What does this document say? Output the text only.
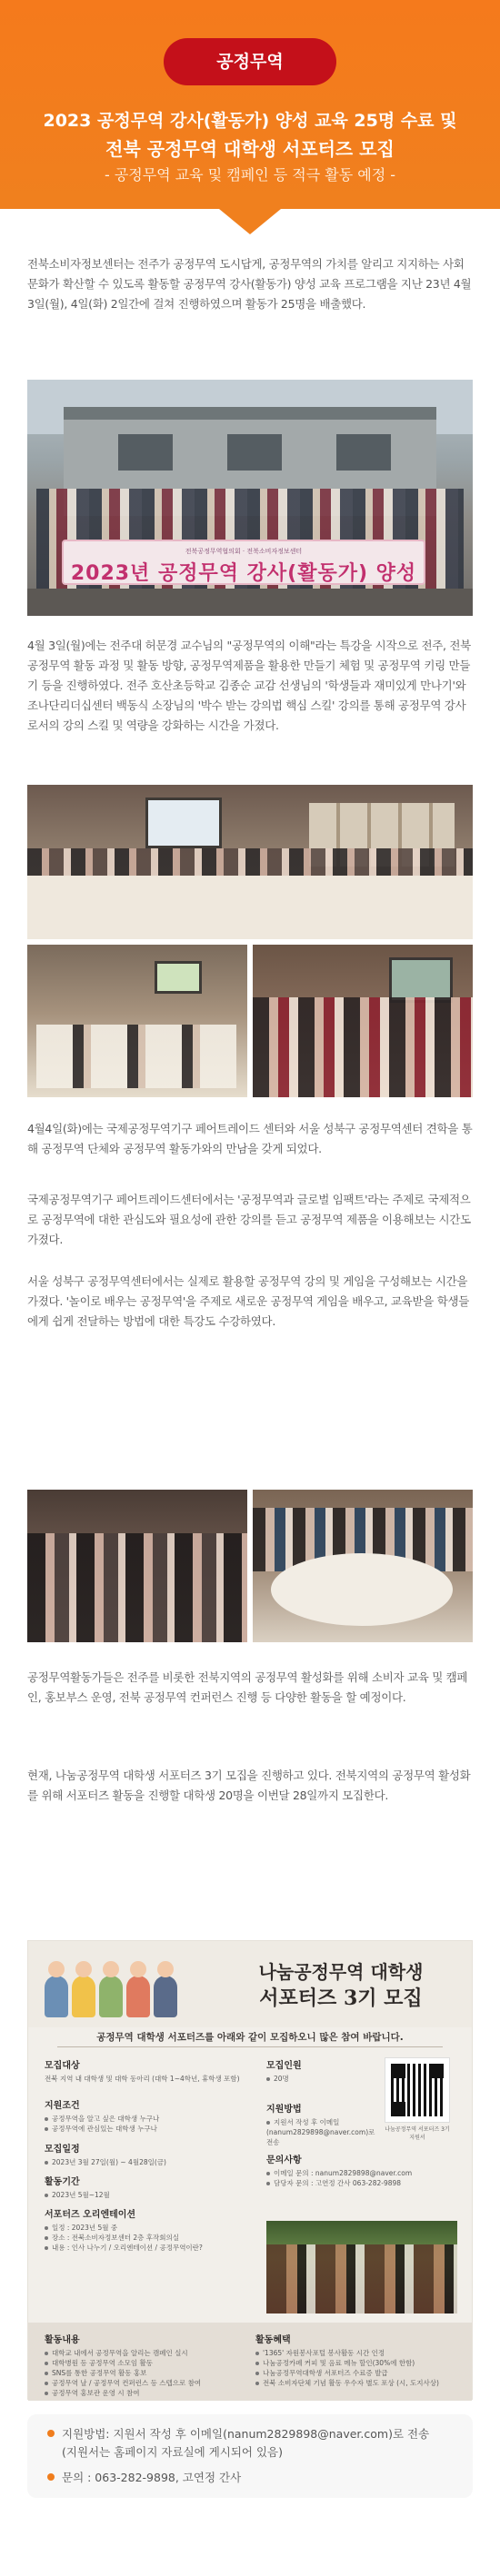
공정무역
2023 공정무역 강사(활동가) 양성 교육 25명 수료 및
전북 공정무역 대학생 서포터즈 모집
- 공정무역 교육 및 캠페인 등 적극 활동 예정 -

전북소비자정보센터는 전주가 공정무역 도시답게, 공정무역의 가치를 알리고 지지하는 사회문화가 확산할 수 있도록 활동할 공정무역 강사(활동가) 양성 교육 프로그램을 지난 23년 4월 3일(월), 4일(화) 2일간에 걸쳐 진행하였으며 활동가 25명을 배출했다.

전북공정무역협의회 · 전북소비자정보센터
2023년 공정무역 강사(활동가) 양성

4월 3일(월)에는 전주대 허문경 교수님의 "공정무역의 이해"라는 특강을 시작으로 전주, 전북 공정무역 활동 과정 및 활동 방향, 공정무역제품을 활용한 만들기 체험 및 공정무역 키링 만들기 등을 진행하였다. 전주 호산초등학교 김종순 교감 선생님의 '학생들과 재미있게 만나기'와 조나단리더십센터 백동식 소장님의 '박수 받는 강의법 핵심 스킬' 강의를 통해 공정무역 강사로서의 강의 스킬 및 역량을 강화하는 시간을 가졌다.

4월4일(화)에는 국제공정무역기구 페어트레이드 센터와 서울 성북구 공정무역센터 견학을 통해 공정무역 단체와 공정무역 활동가와의 만남을 갖게 되었다.

국제공정무역기구 페어트레이드센터에서는 '공정무역과 글로벌 임팩트'라는 주제로 국제적으로 공정무역에 대한 관심도와 필요성에 관한 강의를 듣고 공정무역 제품을 이용해보는 시간도 가졌다.

서울 성북구 공정무역센터에서는 실제로 활용할 공정무역 강의 및 게임을 구성해보는 시간을 가졌다. '놀이로 배우는 공정무역'을 주제로 새로운 공정무역 게임을 배우고, 교육받을 학생들에게 쉽게 전달하는 방법에 대한 특강도 수강하였다.

공정무역활동가들은 전주를 비롯한 전북지역의 공정무역 활성화를 위해 소비자 교육 및 캠페인, 홍보부스 운영, 전북 공정무역 컨퍼런스 진행 등 다양한 활동을 할 예정이다.

현재, 나눔공정무역 대학생 서포터즈 3기 모집을 진행하고 있다. 전북지역의 공정무역 활성화를 위해 서포터즈 활동을 진행할 대학생 20명을 이번달 28일까지 모집한다.

나눔공정무역 대학생
서포터즈 3기 모집
공정무역 대학생 서포터즈를 아래와 같이 모집하오니 많은 참여 바랍니다.
모집대상
전북 지역 내 대학생 및 대학 동아리 (대학 1~4학년, 휴학생 포함)
지원조건
공정무역을 알고 싶은 대학생 누구나
공정무역에 관심있는 대학생 누구나
모집일정
2023년 3월 27일(월) ~ 4월28일(금)
활동기간
2023년 5월~12월
서포터즈 오리엔테이션
일정 : 2023년 5월 중
장소 : 전북소비자정보센터 2층 후작회의실
내용 : 인사 나누기 / 오리엔테이션 / 공정무역이란?
모집인원
20명
지원방법
지원서 작성 후 이메일 (nanum2829898@naver.com)로 전송
문의사항
이메일 문의 : nanum2829898@naver.com
담당자 문의 : 고연정 간사 063-282-9898
나눔공정무역 서포터즈 3기 지원서
활동내용
대학교 내에서 공정무역을 알리는 캠페인 실시
대학병원 등 공정무역 소모임 활동
SNS를 통한 공정무역 활동 홍보
공정무역 날 / 공정무역 컨퍼런스 등 스텝으로 참여
공정무역 홍보관 운영 시 참여
활동혜택
'1365' 자원봉사포털 봉사활동 시간 인정
나눔공정카페 커피 및 음료 메뉴 할인(30%에 한함)
나눔공정무역대학생 서포터즈 수료증 발급
전북 소비자단체 기념 활동 우수자 별도 포상 (시, 도지사상)
지원방법: 지원서 작성 후 이메일(nanum2829898@naver.com)로 전송
(지원서는 홈페이지 자료실에 게시되어 있음)
문의 : 063-282-9898, 고연정 간사
